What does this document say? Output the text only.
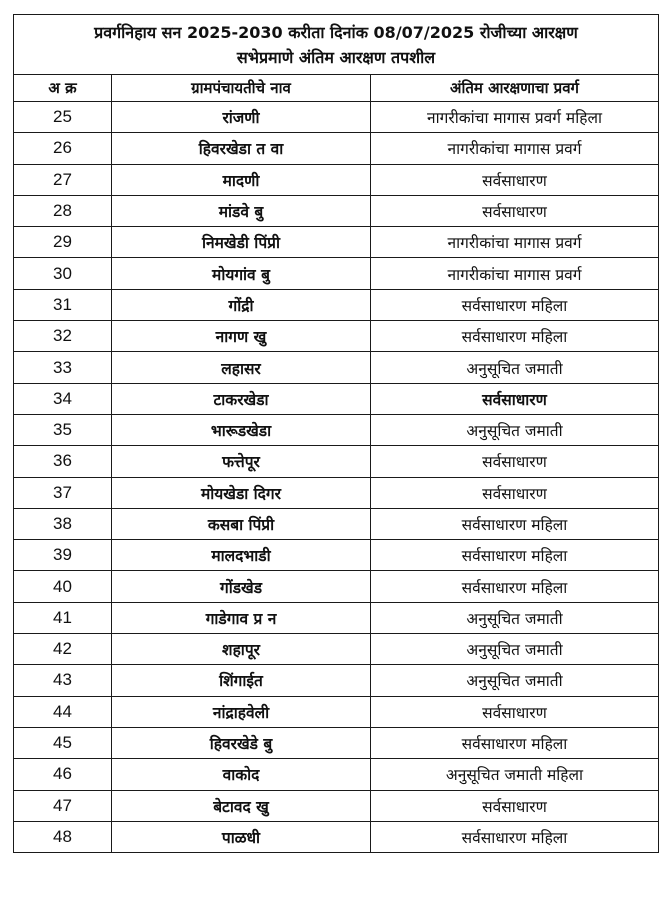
प्रवर्गनिहाय सन 2025-2030 करीता दिनांक 08/07/2025 रोजीच्या आरक्षण
सभेप्रमाणे अंतिम आरक्षण तपशील		

अ क्र	ग्रामपंचायतीचे नाव	अंतिम आरक्षणाचा प्रवर्ग
25	रांजणी	नागरीकांचा मागास प्रवर्ग महिला
26	हिवरखेडा त वा	नागरीकांचा मागास प्रवर्ग
27	मादणी	सर्वसाधारण
28	मांडवे बु	सर्वसाधारण
29	निमखेडी पिंप्री	नागरीकांचा मागास प्रवर्ग
30	मोयगांव बु	नागरीकांचा मागास प्रवर्ग
31	गोंद्री	सर्वसाधारण महिला
32	नागण खु	सर्वसाधारण महिला
33	लहासर	अनुसूचित जमाती
34	टाकरखेडा	सर्वसाधारण
35	भारूडखेडा	अनुसूचित जमाती
36	फत्तेपूर	सर्वसाधारण
37	मोयखेडा दिगर	सर्वसाधारण
38	कसबा पिंप्री	सर्वसाधारण महिला
39	मालदभाडी	सर्वसाधारण महिला
40	गोंडखेड	सर्वसाधारण महिला
41	गाडेगाव प्र न	अनुसूचित जमाती
42	शहापूर	अनुसूचित जमाती
43	शिंगाईत	अनुसूचित जमाती
44	नांद्राहवेली	सर्वसाधारण
45	हिवरखेडे बु	सर्वसाधारण महिला
46	वाकोद	अनुसूचित जमाती महिला
47	बेटावद खु	सर्वसाधारण
48	पाळधी	सर्वसाधारण महिला
